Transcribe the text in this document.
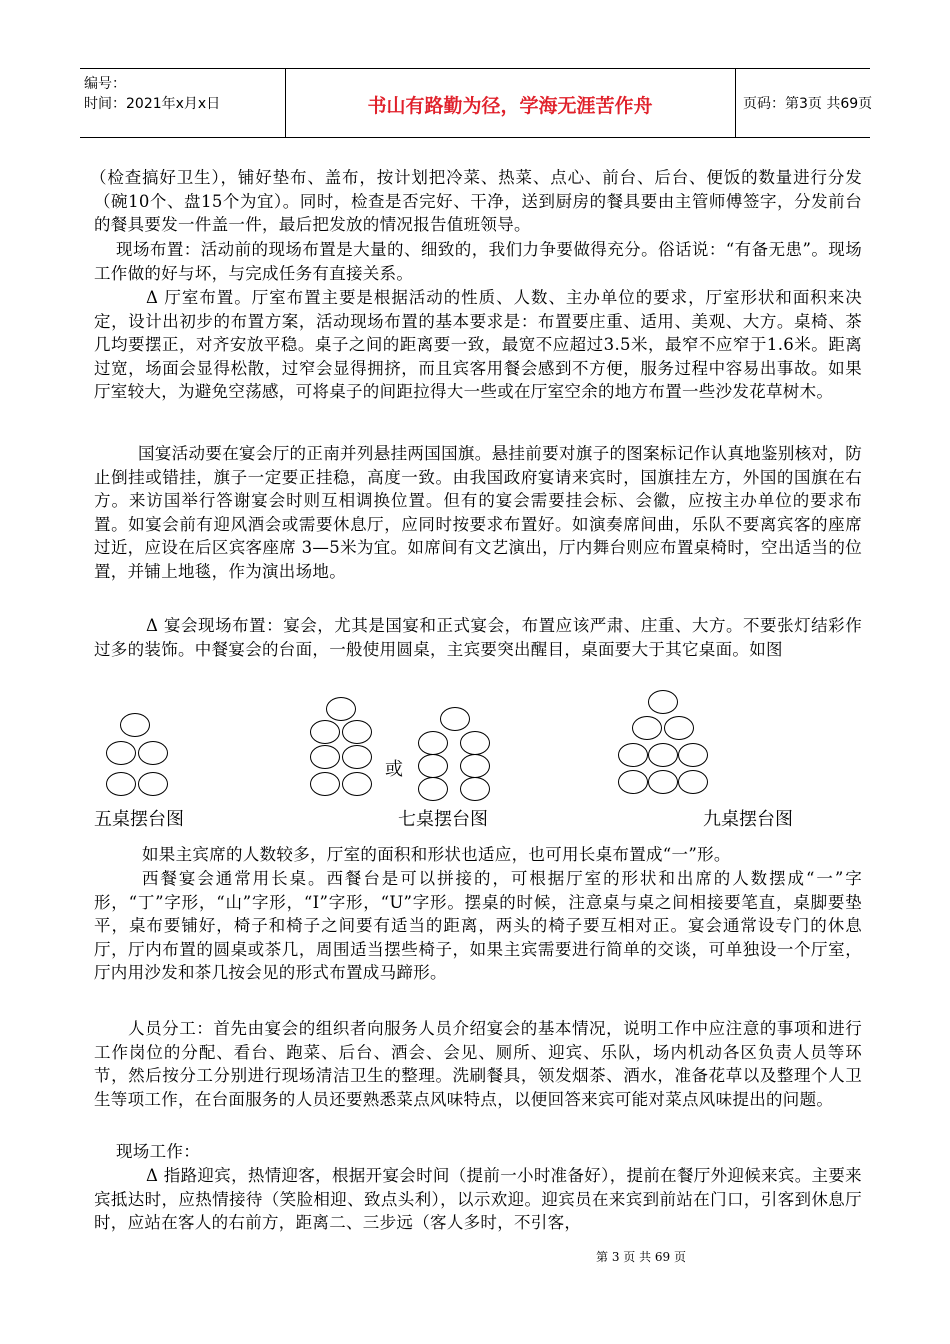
编号：
时间：2021年x月x日	书山有路勤为径，学海无涯苦作舟	页码：第3页 共69页
（检查搞好卫生），铺好垫布、盖布，按计划把冷菜、热菜、点心、前台、后台、便饭的数量进行分发（碗10个、盘15个为宜）。同时，检查是否完好、干净，送到厨房的餐具要由主管师傅签字，分发前台的餐具要发一件盖一件，最后把发放的情况报告值班领导。
现场布置：活动前的现场布置是大量的、细致的，我们力争要做得充分。俗话说：“有备无患”。现场工作做的好与坏，与完成任务有直接关系。
Δ 厅室布置。厅室布置主要是根据活动的性质、人数、主办单位的要求，厅室形状和面积来决定，设计出初步的布置方案，活动现场布置的基本要求是：布置要庄重、适用、美观、大方。桌椅、茶几均要摆正，对齐安放平稳。桌子之间的距离要一致，最宽不应超过3.5米，最窄不应窄于1.6米。距离过宽，场面会显得松散，过窄会显得拥挤，而且宾客用餐会感到不方便，服务过程中容易出事故。如果厅室较大，为避免空荡感，可将桌子的间距拉得大一些或在厅室空余的地方布置一些沙发花草树木。
国宴活动要在宴会厅的正南并列悬挂两国国旗。悬挂前要对旗子的图案标记作认真地鉴别核对，防止倒挂或错挂，旗子一定要正挂稳，高度一致。由我国政府宴请来宾时，国旗挂左方，外国的国旗在右方。来访国举行答谢宴会时则互相调换位置。但有的宴会需要挂会标、会徽，应按主办单位的要求布置。如宴会前有迎风酒会或需要休息厅，应同时按要求布置好。如演奏席间曲，乐队不要离宾客的座席过近，应设在后区宾客座席 3—5米为宜。如席间有文艺演出，厅内舞台则应布置桌椅时，空出适当的位置，并铺上地毯，作为演出场地。
Δ 宴会现场布置：宴会，尤其是国宴和正式宴会，布置应该严肃、庄重、大方。不要张灯结彩作过多的装饰。中餐宴会的台面，一般使用圆桌，主宾要突出醒目，桌面要大于其它桌面。如图
或
五桌摆台图	七桌摆台图	九桌摆台图
如果主宾席的人数较多，厅室的面积和形状也适应，也可用长桌布置成“一”形。
西餐宴会通常用长桌。西餐台是可以拼接的，可根据厅室的形状和出席的人数摆成“一”字形，“丁”字形，“山”字形，“I”字形，“U”字形。摆桌的时候，注意桌与桌之间相接要笔直，桌脚要垫平，桌布要铺好，椅子和椅子之间要有适当的距离，两头的椅子要互相对正。宴会通常设专门的休息厅，厅内布置的圆桌或茶几，周围适当摆些椅子，如果主宾需要进行简单的交谈，可单独设一个厅室，厅内用沙发和茶几按会见的形式布置成马蹄形。
人员分工：首先由宴会的组织者向服务人员介绍宴会的基本情况，说明工作中应注意的事项和进行工作岗位的分配、看台、跑菜、后台、酒会、会见、厕所、迎宾、乐队，场内机动各区负责人员等环节，然后按分工分别进行现场清洁卫生的整理。洗刷餐具，领发烟茶、酒水，准备花草以及整理个人卫生等项工作，在台面服务的人员还要熟悉菜点风味特点，以便回答来宾可能对菜点风味提出的问题。
现场工作：
Δ 指路迎宾，热情迎客，根据开宴会时间（提前一小时准备好），提前在餐厅外迎候来宾。主要来宾抵达时，应热情接待（笑脸相迎、致点头利），以示欢迎。迎宾员在来宾到前站在门口，引客到休息厅时，应站在客人的右前方，距离二、三步远（客人多时，不引客，
第 3 页 共 69 页
